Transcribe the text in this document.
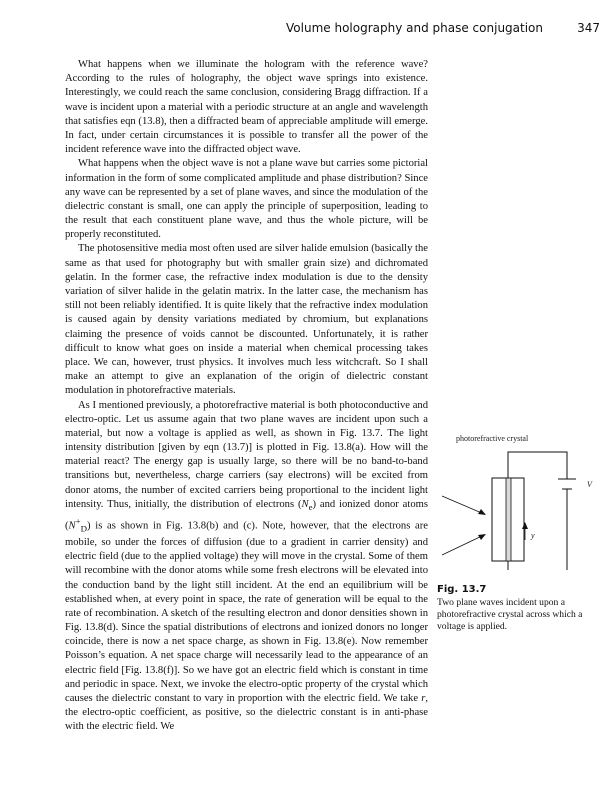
Volume holography and phase conjugation	347

What happens when we illuminate the hologram with the reference wave? According to the rules of holography, the object wave springs into existence. Interestingly, we could reach the same conclusion, considering Bragg diffraction. If a wave is incident upon a material with a periodic structure at an angle and wavelength that satisfies eqn (13.8), then a diffracted beam of appreciable amplitude will emerge. In fact, under certain circumstances it is possible to transfer all the power of the incident reference wave into the diffracted object wave.

What happens when the object wave is not a plane wave but carries some pictorial information in the form of some complicated amplitude and phase distribution? Since any wave can be represented by a set of plane waves, and since the modulation of the dielectric constant is small, one can apply the principle of superposition, leading to the result that each constituent plane wave, and thus the whole picture, will be properly reconstituted.

The photosensitive media most often used are silver halide emulsion (basically the same as that used for photography but with smaller grain size) and dichromated gelatin. In the former case, the refractive index modulation is due to the density variation of silver halide in the gelatin matrix. In the latter case, the mechanism has still not been reliably identified. It is quite likely that the refractive index modulation is caused again by density variations mediated by chromium, but explanations claiming the presence of voids cannot be discounted. Unfortunately, it is rather difficult to know what goes on inside a material when chemical processing takes place. We can, however, trust physics. It involves much less witchcraft. So I shall make an attempt to give an explanation of the origin of dielectric constant modulation in photorefractive materials.

As I mentioned previously, a photorefractive material is both photoconductive and electro-optic. Let us assume again that two plane waves are incident upon such a material, but now a voltage is applied as well, as shown in Fig. 13.7. The light intensity distribution [given by eqn (13.7)] is plotted in Fig. 13.8(a). How will the material react? The energy gap is usually large, so there will be no band-to-band transitions but, nevertheless, charge carriers (say electrons) will be excited from donor atoms, the number of excited carriers being proportional to the incident light intensity. Thus, initially, the distribution of electrons $(N_e)$ and ionized donor atoms $(N^+_D)$ is as shown in Fig. 13.8(b) and (c). Note, however, that the electrons are mobile, so under the forces of diffusion (due to a gradient in carrier density) and electric field (due to the applied voltage) they will move in the crystal. Some of them will recombine with the donor atoms while some fresh electrons will be elevated into the conduction band by the light still incident. At the end an equilibrium will be established when, at every point in space, the rate of generation will be equal to the rate of recombination. A sketch of the resulting electron and donor densities shown in Fig. 13.8(d). Since the spatial distributions of electrons and ionized donors no longer coincide, there is now a net space charge, as shown in Fig. 13.8(e). Now remember Poisson’s equation. A net space charge will necessarily lead to the appearance of an electric field [Fig. 13.8(f)]. So we have got an electric field which is constant in time and periodic in space. Next, we invoke the electro-optic property of the crystal which causes the dielectric constant to vary in proportion with the electric field. We take r, the electro-optic coefficient, as positive, so the dielectric constant is in anti-phase with the electric field. We

photorefractive crystal
V
y
Fig. 13.7
Two plane waves incident upon a photorefractive crystal across which a voltage is applied.
